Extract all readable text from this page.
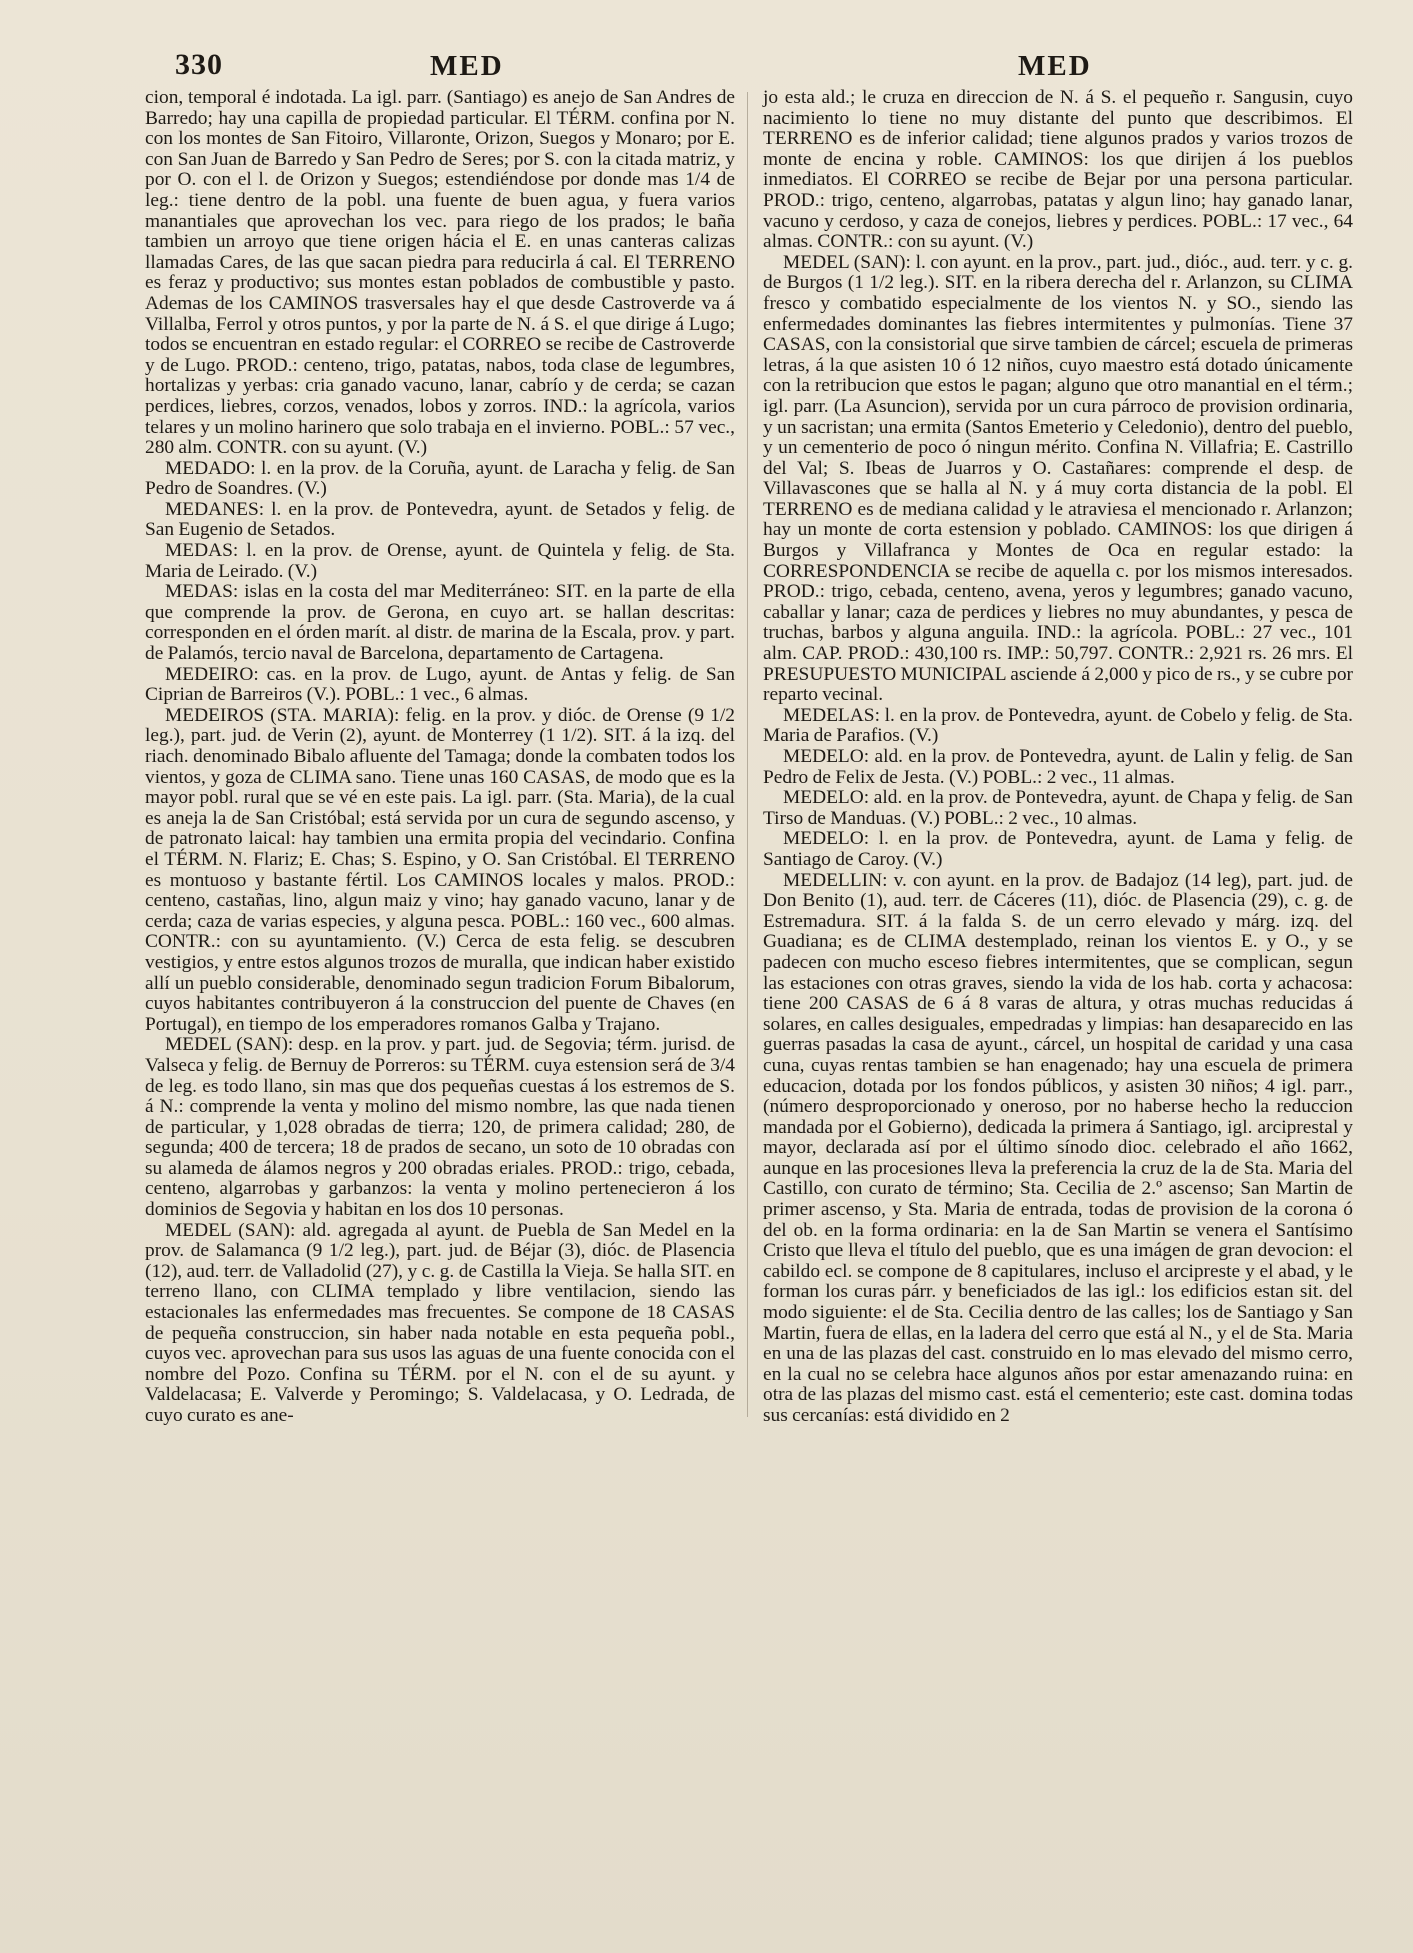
330	MED	MED

cion, temporal é indotada. La igl. parr. (Santiago) es anejo de San Andres de Barredo; hay una capilla de propiedad particular. El TÉRM. confina por N. con los montes de San Fitoiro, Villaronte, Orizon, Suegos y Monaro; por E. con San Juan de Barredo y San Pedro de Seres; por S. con la citada matriz, y por O. con el l. de Orizon y Suegos; estendiéndose por donde mas 1/4 de leg.: tiene dentro de la pobl. una fuente de buen agua, y fuera varios manantiales que aprovechan los vec. para riego de los prados; le baña tambien un arroyo que tiene origen hácia el E. en unas canteras calizas llamadas Cares, de las que sacan piedra para reducirla á cal. El TERRENO es feraz y productivo; sus montes estan poblados de combustible y pasto. Ademas de los CAMINOS trasversales hay el que desde Castroverde va á Villalba, Ferrol y otros puntos, y por la parte de N. á S. el que dirige á Lugo; todos se encuentran en estado regular: el CORREO se recibe de Castroverde y de Lugo. PROD.: centeno, trigo, patatas, nabos, toda clase de legumbres, hortalizas y yerbas: cria ganado vacuno, lanar, cabrío y de cerda; se cazan perdices, liebres, corzos, venados, lobos y zorros. IND.: la agrícola, varios telares y un molino harinero que solo trabaja en el invierno. POBL.: 57 vec., 280 alm. CONTR. con su ayunt. (V.)

MEDADO: l. en la prov. de la Coruña, ayunt. de Laracha y felig. de San Pedro de Soandres. (V.)

MEDANES: l. en la prov. de Pontevedra, ayunt. de Setados y felig. de San Eugenio de Setados.

MEDAS: l. en la prov. de Orense, ayunt. de Quintela y felig. de Sta. Maria de Leirado. (V.)

MEDAS: islas en la costa del mar Mediterráneo: SIT. en la parte de ella que comprende la prov. de Gerona, en cuyo art. se hallan descritas: corresponden en el órden marít. al distr. de marina de la Escala, prov. y part. de Palamós, tercio naval de Barcelona, departamento de Cartagena.

MEDEIRO: cas. en la prov. de Lugo, ayunt. de Antas y felig. de San Ciprian de Barreiros (V.). POBL.: 1 vec., 6 almas.

MEDEIROS (STA. MARIA): felig. en la prov. y dióc. de Orense (9 1/2 leg.), part. jud. de Verin (2), ayunt. de Monterrey (1 1/2). SIT. á la izq. del riach. denominado Bibalo afluente del Tamaga; donde la combaten todos los vientos, y goza de CLIMA sano. Tiene unas 160 CASAS, de modo que es la mayor pobl. rural que se vé en este pais. La igl. parr. (Sta. Maria), de la cual es aneja la de San Cristóbal; está servida por un cura de segundo ascenso, y de patronato laical: hay tambien una ermita propia del vecindario. Confina el TÉRM. N. Flariz; E. Chas; S. Espino, y O. San Cristóbal. El TERRENO es montuoso y bastante fértil. Los CAMINOS locales y malos. PROD.: centeno, castañas, lino, algun maiz y vino; hay ganado vacuno, lanar y de cerda; caza de varias especies, y alguna pesca. POBL.: 160 vec., 600 almas. CONTR.: con su ayuntamiento. (V.) Cerca de esta felig. se descubren vestigios, y entre estos algunos trozos de muralla, que indican haber existido allí un pueblo considerable, denominado segun tradicion Forum Bibalorum, cuyos habitantes contribuyeron á la construccion del puente de Chaves (en Portugal), en tiempo de los emperadores romanos Galba y Trajano.

MEDEL (SAN): desp. en la prov. y part. jud. de Segovia; térm. jurisd. de Valseca y felig. de Bernuy de Porreros: su TÉRM. cuya estension será de 3/4 de leg. es todo llano, sin mas que dos pequeñas cuestas á los estremos de S. á N.: comprende la venta y molino del mismo nombre, las que nada tienen de particular, y 1,028 obradas de tierra; 120, de primera calidad; 280, de segunda; 400 de tercera; 18 de prados de secano, un soto de 10 obradas con su alameda de álamos negros y 200 obradas eriales. PROD.: trigo, cebada, centeno, algarrobas y garbanzos: la venta y molino pertenecieron á los dominios de Segovia y habitan en los dos 10 personas.

MEDEL (SAN): ald. agregada al ayunt. de Puebla de San Medel en la prov. de Salamanca (9 1/2 leg.), part. jud. de Béjar (3), dióc. de Plasencia (12), aud. terr. de Valladolid (27), y c. g. de Castilla la Vieja. Se halla SIT. en terreno llano, con CLIMA templado y libre ventilacion, siendo las estacionales las enfermedades mas frecuentes. Se compone de 18 CASAS de pequeña construccion, sin haber nada notable en esta pequeña pobl., cuyos vec. aprovechan para sus usos las aguas de una fuente conocida con el nombre del Pozo. Confina su TÉRM. por el N. con el de su ayunt. y Valdelacasa; E. Valverde y Peromingo; S. Valdelacasa, y O. Ledrada, de cuyo curato es ane-

jo esta ald.; le cruza en direccion de N. á S. el pequeño r. Sangusin, cuyo nacimiento lo tiene no muy distante del punto que describimos. El TERRENO es de inferior calidad; tiene algunos prados y varios trozos de monte de encina y roble. CAMINOS: los que dirijen á los pueblos inmediatos. El CORREO se recibe de Bejar por una persona particular. PROD.: trigo, centeno, algarrobas, patatas y algun lino; hay ganado lanar, vacuno y cerdoso, y caza de conejos, liebres y perdices. POBL.: 17 vec., 64 almas. CONTR.: con su ayunt. (V.)

MEDEL (SAN): l. con ayunt. en la prov., part. jud., dióc., aud. terr. y c. g. de Burgos (1 1/2 leg.). SIT. en la ribera derecha del r. Arlanzon, su CLIMA fresco y combatido especialmente de los vientos N. y SO., siendo las enfermedades dominantes las fiebres intermitentes y pulmonías. Tiene 37 CASAS, con la consistorial que sirve tambien de cárcel; escuela de primeras letras, á la que asisten 10 ó 12 niños, cuyo maestro está dotado únicamente con la retribucion que estos le pagan; alguno que otro manantial en el térm.; igl. parr. (La Asuncion), servida por un cura párroco de provision ordinaria, y un sacristan; una ermita (Santos Emeterio y Celedonio), dentro del pueblo, y un cementerio de poco ó ningun mérito. Confina N. Villafria; E. Castrillo del Val; S. Ibeas de Juarros y O. Castañares: comprende el desp. de Villavascones que se halla al N. y á muy corta distancia de la pobl. El TERRENO es de mediana calidad y le atraviesa el mencionado r. Arlanzon; hay un monte de corta estension y poblado. CAMINOS: los que dirigen á Burgos y Villafranca y Montes de Oca en regular estado: la CORRESPONDENCIA se recibe de aquella c. por los mismos interesados. PROD.: trigo, cebada, centeno, avena, yeros y legumbres; ganado vacuno, caballar y lanar; caza de perdices y liebres no muy abundantes, y pesca de truchas, barbos y alguna anguila. IND.: la agrícola. POBL.: 27 vec., 101 alm. CAP. PROD.: 430,100 rs. IMP.: 50,797. CONTR.: 2,921 rs. 26 mrs. El PRESUPUESTO MUNICIPAL asciende á 2,000 y pico de rs., y se cubre por reparto vecinal.

MEDELAS: l. en la prov. de Pontevedra, ayunt. de Cobelo y felig. de Sta. Maria de Parafios. (V.)

MEDELO: ald. en la prov. de Pontevedra, ayunt. de Lalin y felig. de San Pedro de Felix de Jesta. (V.) POBL.: 2 vec., 11 almas.

MEDELO: ald. en la prov. de Pontevedra, ayunt. de Chapa y felig. de San Tirso de Manduas. (V.) POBL.: 2 vec., 10 almas.

MEDELO: l. en la prov. de Pontevedra, ayunt. de Lama y felig. de Santiago de Caroy. (V.)

MEDELLIN: v. con ayunt. en la prov. de Badajoz (14 leg), part. jud. de Don Benito (1), aud. terr. de Cáceres (11), dióc. de Plasencia (29), c. g. de Estremadura. SIT. á la falda S. de un cerro elevado y márg. izq. del Guadiana; es de CLIMA destemplado, reinan los vientos E. y O., y se padecen con mucho esceso fiebres intermitentes, que se complican, segun las estaciones con otras graves, siendo la vida de los hab. corta y achacosa: tiene 200 CASAS de 6 á 8 varas de altura, y otras muchas reducidas á solares, en calles desiguales, empedradas y limpias: han desaparecido en las guerras pasadas la casa de ayunt., cárcel, un hospital de caridad y una casa cuna, cuyas rentas tambien se han enagenado; hay una escuela de primera educacion, dotada por los fondos públicos, y asisten 30 niños; 4 igl. parr., (número desproporcionado y oneroso, por no haberse hecho la reduccion mandada por el Gobierno), dedicada la primera á Santiago, igl. arciprestal y mayor, declarada así por el último sínodo dioc. celebrado el año 1662, aunque en las procesiones lleva la preferencia la cruz de la de Sta. Maria del Castillo, con curato de término; Sta. Cecilia de 2.º ascenso; San Martin de primer ascenso, y Sta. Maria de entrada, todas de provision de la corona ó del ob. en la forma ordinaria: en la de San Martin se venera el Santísimo Cristo que lleva el título del pueblo, que es una imágen de gran devocion: el cabildo ecl. se compone de 8 capitulares, incluso el arcipreste y el abad, y le forman los curas párr. y beneficiados de las igl.: los edificios estan sit. del modo siguiente: el de Sta. Cecilia dentro de las calles; los de Santiago y San Martin, fuera de ellas, en la ladera del cerro que está al N., y el de Sta. Maria en una de las plazas del cast. construido en lo mas elevado del mismo cerro, en la cual no se celebra hace algunos años por estar amenazando ruina: en otra de las plazas del mismo cast. está el cementerio; este cast. domina todas sus cercanías: está dividido en 2
